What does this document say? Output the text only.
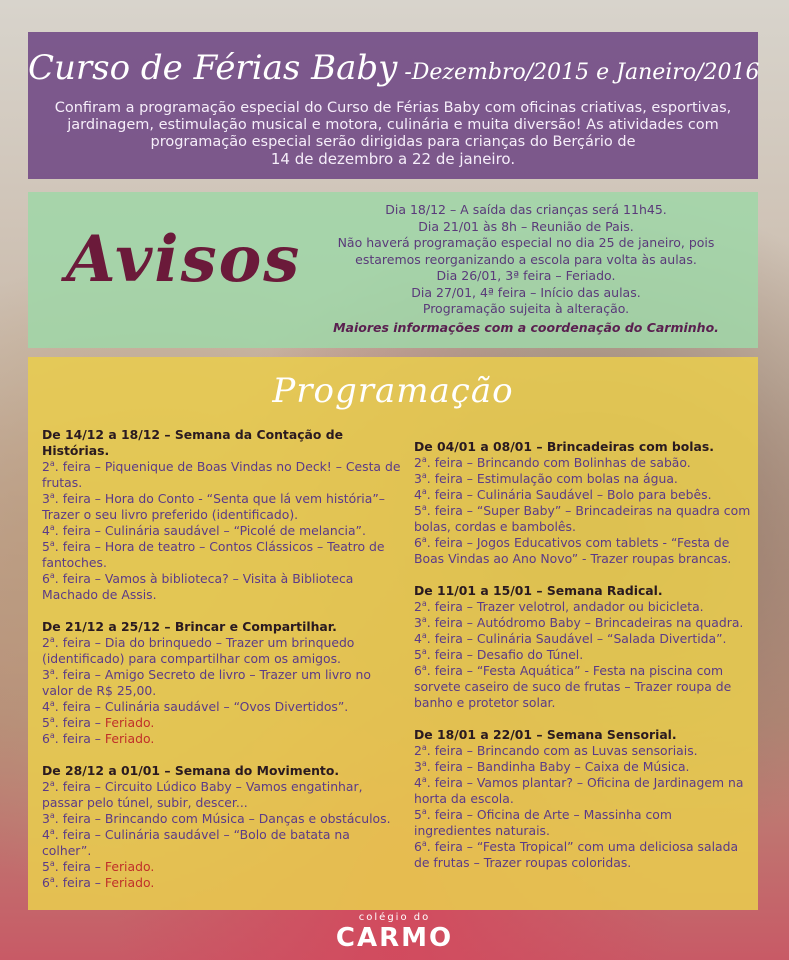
Curso de Férias Baby -Dezembro/2015 e Janeiro/2016

Confiram a programação especial do Curso de Férias Baby com oficinas criativas, esportivas, jardinagem, estimulação musical e motora, culinária e muita diversão! As atividades com programação especial serão dirigidas para crianças do Berçário de
14 de dezembro a 22 de janeiro.

Avisos
Dia 18/12 – A saída das crianças será 11h45.
Dia 21/01 às 8h – Reunião de Pais.
Não haverá programação especial no dia 25 de janeiro, pois estaremos reorganizando a escola para volta às aulas.
Dia 26/01, 3ª feira – Feriado.
Dia 27/01, 4ª feira – Início das aulas.
Programação sujeita à alteração.
Maiores informações com a coordenação do Carminho.
Programação
De 14/12 a 18/12 – Semana da Contação de Histórias.
2$^a$. feira – Piquenique de Boas Vindas no Deck! – Cesta de frutas.
3$^a$. feira – Hora do Conto - “Senta que lá vem história”– Trazer o seu livro preferido (identificado).
4$^a$. feira – Culinária saudável – “Picolé de melancia”.
5$^a$. feira – Hora de teatro – Contos Clássicos – Teatro de fantoches.
6$^a$. feira – Vamos à biblioteca? – Visita à Biblioteca Machado de Assis.
De 21/12 a 25/12 – Brincar e Compartilhar.
2$^a$. feira – Dia do brinquedo – Trazer um brinquedo (identificado) para compartilhar com os amigos.
3$^a$. feira – Amigo Secreto de livro – Trazer um livro no valor de R$ 25,00.
4$^a$. feira – Culinária saudável – “Ovos Divertidos”.
5$^a$. feira – Feriado.
6$^a$. feira – Feriado.
De 28/12 a 01/01 – Semana do Movimento.
2$^a$. feira – Circuito Lúdico Baby – Vamos engatinhar, passar pelo túnel, subir, descer...
3$^a$. feira – Brincando com Música – Danças e obstáculos.
4$^a$. feira – Culinária saudável – “Bolo de batata na colher”.
5$^a$. feira – Feriado.
6$^a$. feira – Feriado.
De 04/01 a 08/01 – Brincadeiras com bolas.
2$^a$. feira – Brincando com Bolinhas de sabão.
3$^a$. feira – Estimulação com bolas na água.
4$^a$. feira – Culinária Saudável – Bolo para bebês.
5$^a$. feira – “Super Baby” – Brincadeiras na quadra com bolas, cordas e bambolês.
6$^a$. feira – Jogos Educativos com tablets - “Festa de Boas Vindas ao Ano Novo” - Trazer roupas brancas.
De 11/01 a 15/01 – Semana Radical.
2$^a$. feira – Trazer velotrol, andador ou bicicleta.
3$^a$. feira – Autódromo Baby – Brincadeiras na quadra.
4$^a$. feira – Culinária Saudável – “Salada Divertida”.
5$^a$. feira – Desafio do Túnel.
6$^a$. feira – “Festa Aquática” - Festa na piscina com sorvete caseiro de suco de frutas – Trazer roupa de banho e protetor solar.
De 18/01 a 22/01 – Semana Sensorial.
2$^a$. feira – Brincando com as Luvas sensoriais.
3$^a$. feira – Bandinha Baby – Caixa de Música.
4$^a$. feira – Vamos plantar? – Oficina de Jardinagem na horta da escola.
5$^a$. feira – Oficina de Arte – Massinha com ingredientes naturais.
6$^a$. feira – “Festa Tropical” com uma deliciosa salada de frutas – Trazer roupas coloridas.
colégio do
CARMO
